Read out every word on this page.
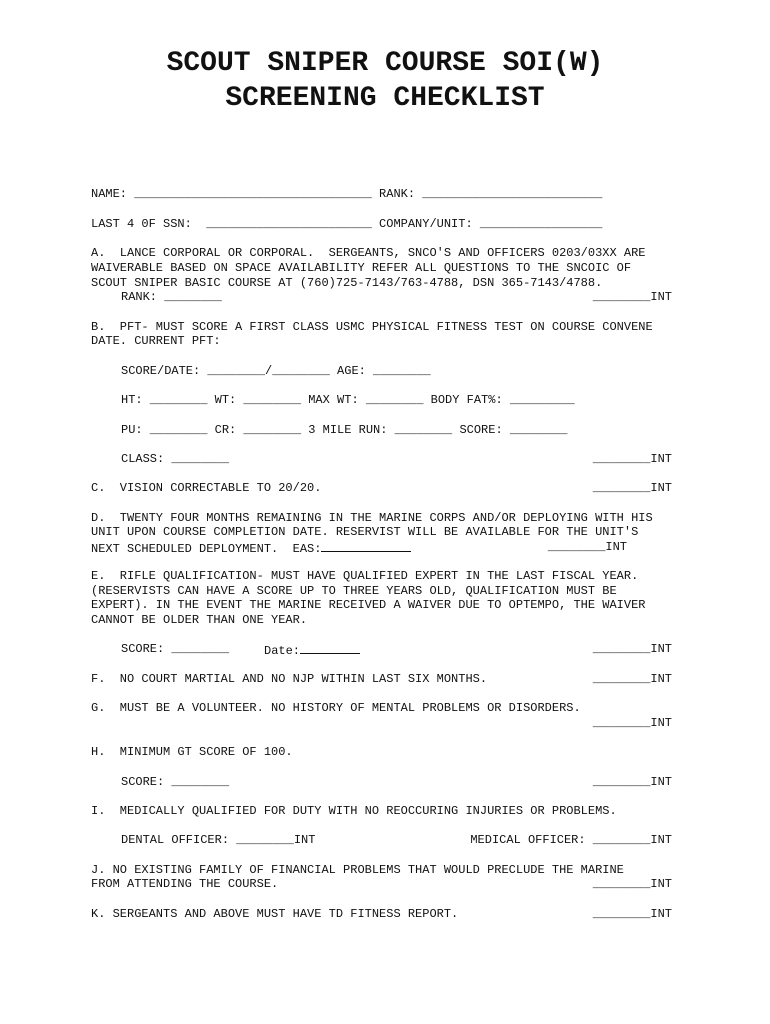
SCOUT SNIPER COURSE SOI(W)
SCREENING CHECKLIST
NAME: _________________________________ RANK: _________________________
LAST 4 0F SSN:  _______________________ COMPANY/UNIT: _________________
A.  LANCE CORPORAL OR CORPORAL.  SERGEANTS, SNCO'S AND OFFICERS 0203/03XX ARE
WAIVERABLE BASED ON SPACE AVAILABILITY REFER ALL QUESTIONS TO THE SNCOIC OF
SCOUT SNIPER BASIC COURSE AT (760)725-7143/763-4788, DSN 365-7143/4788.
RANK: ________	________INT
B.  PFT- MUST SCORE A FIRST CLASS USMC PHYSICAL FITNESS TEST ON COURSE CONVENE
DATE. CURRENT PFT:
SCORE/DATE: ________/________ AGE: ________
HT: ________ WT: ________ MAX WT: ________ BODY FAT%: _________
PU: ________ CR: ________ 3 MILE RUN: ________ SCORE: ________
CLASS: ________	________INT
C.  VISION CORRECTABLE TO 20/20.	________INT
D.  TWENTY FOUR MONTHS REMAINING IN THE MARINE CORPS AND/OR DEPLOYING WITH HIS
UNIT UPON COURSE COMPLETION DATE. RESERVIST WILL BE AVAILABLE FOR THE UNIT'S
NEXT SCHEDULED DEPLOYMENT.  EAS:	________INT
E.  RIFLE QUALIFICATION- MUST HAVE QUALIFIED EXPERT IN THE LAST FISCAL YEAR.
(RESERVISTS CAN HAVE A SCORE UP TO THREE YEARS OLD, QUALIFICATION MUST BE
EXPERT). IN THE EVENT THE MARINE RECEIVED A WAIVER DUE TO OPTEMPO, THE WAIVER
CANNOT BE OLDER THAN ONE YEAR.
SCORE: ________	Date:	________INT
F.  NO COURT MARTIAL AND NO NJP WITHIN LAST SIX MONTHS.	________INT
G.  MUST BE A VOLUNTEER. NO HISTORY OF MENTAL PROBLEMS OR DISORDERS.
________INT
H.  MINIMUM GT SCORE OF 100.
SCORE: ________	________INT
I.  MEDICALLY QUALIFIED FOR DUTY WITH NO REOCCURING INJURIES OR PROBLEMS.
DENTAL OFFICER: ________INT	MEDICAL OFFICER: ________INT
J. NO EXISTING FAMILY OF FINANCIAL PROBLEMS THAT WOULD PRECLUDE THE MARINE
FROM ATTENDING THE COURSE.	________INT
K. SERGEANTS AND ABOVE MUST HAVE TD FITNESS REPORT.	________INT
